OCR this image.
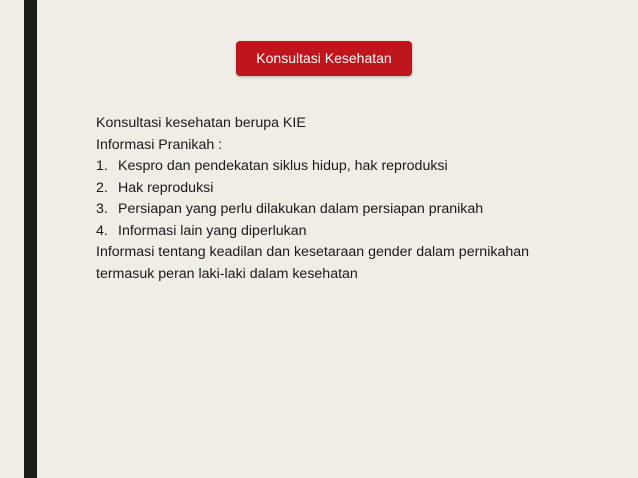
Konsultasi Kesehatan
Konsultasi kesehatan berupa KIE
Informasi Pranikah :
1. Kespro dan pendekatan siklus hidup, hak reproduksi
2. Hak reproduksi
3. Persiapan yang perlu dilakukan dalam persiapan pranikah
4. Informasi lain yang diperlukan
Informasi tentang keadilan dan kesetaraan gender dalam pernikahan
termasuk peran laki-laki dalam kesehatan
